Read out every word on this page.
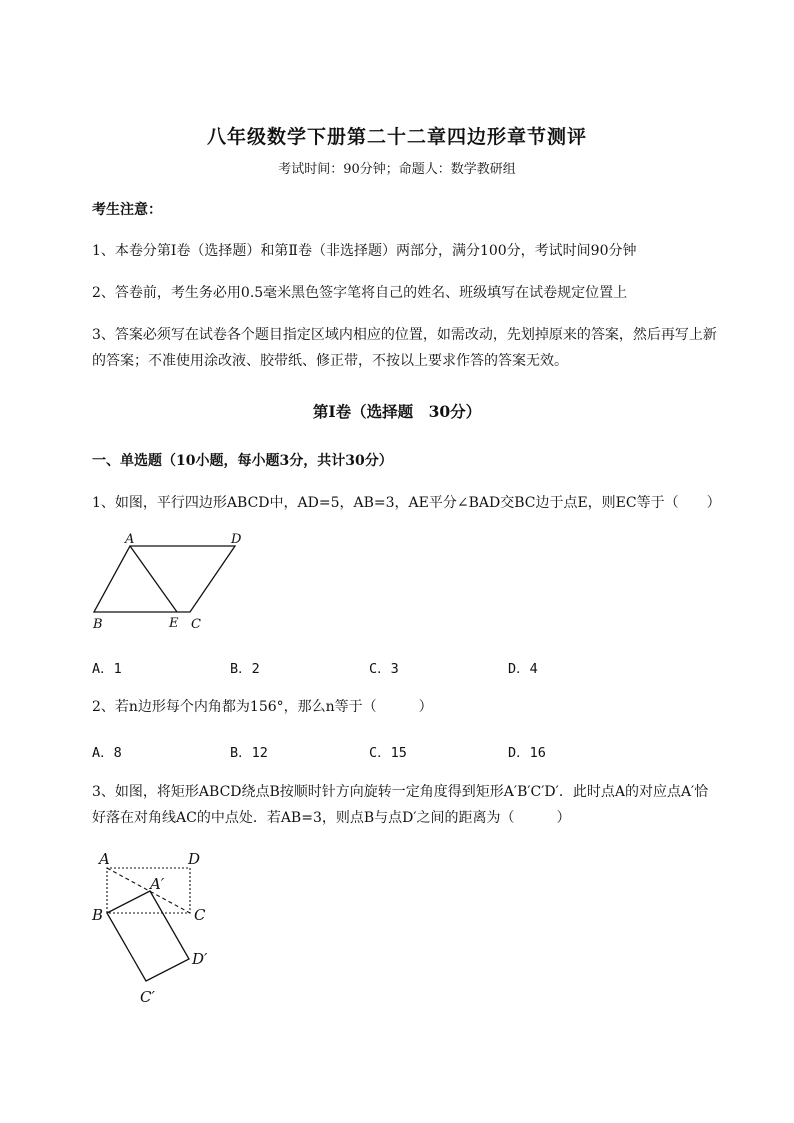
八年级数学下册第二十二章四边形章节测评
考试时间：90分钟；命题人：数学教研组
考生注意：
1、本卷分第I卷（选择题）和第Ⅱ卷（非选择题）两部分，满分100分，考试时间90分钟
2、答卷前，考生务必用0.5毫米黑色签字笔将自己的姓名、班级填写在试卷规定位置上
3、答案必须写在试卷各个题目指定区域内相应的位置，如需改动，先划掉原来的答案，然后再写上新
的答案；不准使用涂改液、胶带纸、修正带，不按以上要求作答的答案无效。
第I卷（选择题　30分）
一、单选题（10小题，每小题3分，共计30分）
1、如图，平行四边形ABCD中，AD=5，AB=3，AE平分∠BAD交BC边于点E，则EC等于（　　）
A	D
B	E C
A．1	B．2	C．3	D．4
2、若n边形每个内角都为156°，那么n等于（　　　）
A．8	B．12	C．15	D．16
3、如图，将矩形ABCD绕点B按顺时针方向旋转一定角度得到矩形A′B′C′D′．此时点A的对应点A′恰
好落在对角线AC的中点处．若AB=3，则点B与点D′之间的距离为（　　　）
A	D
A′
B	C
D′
C′
